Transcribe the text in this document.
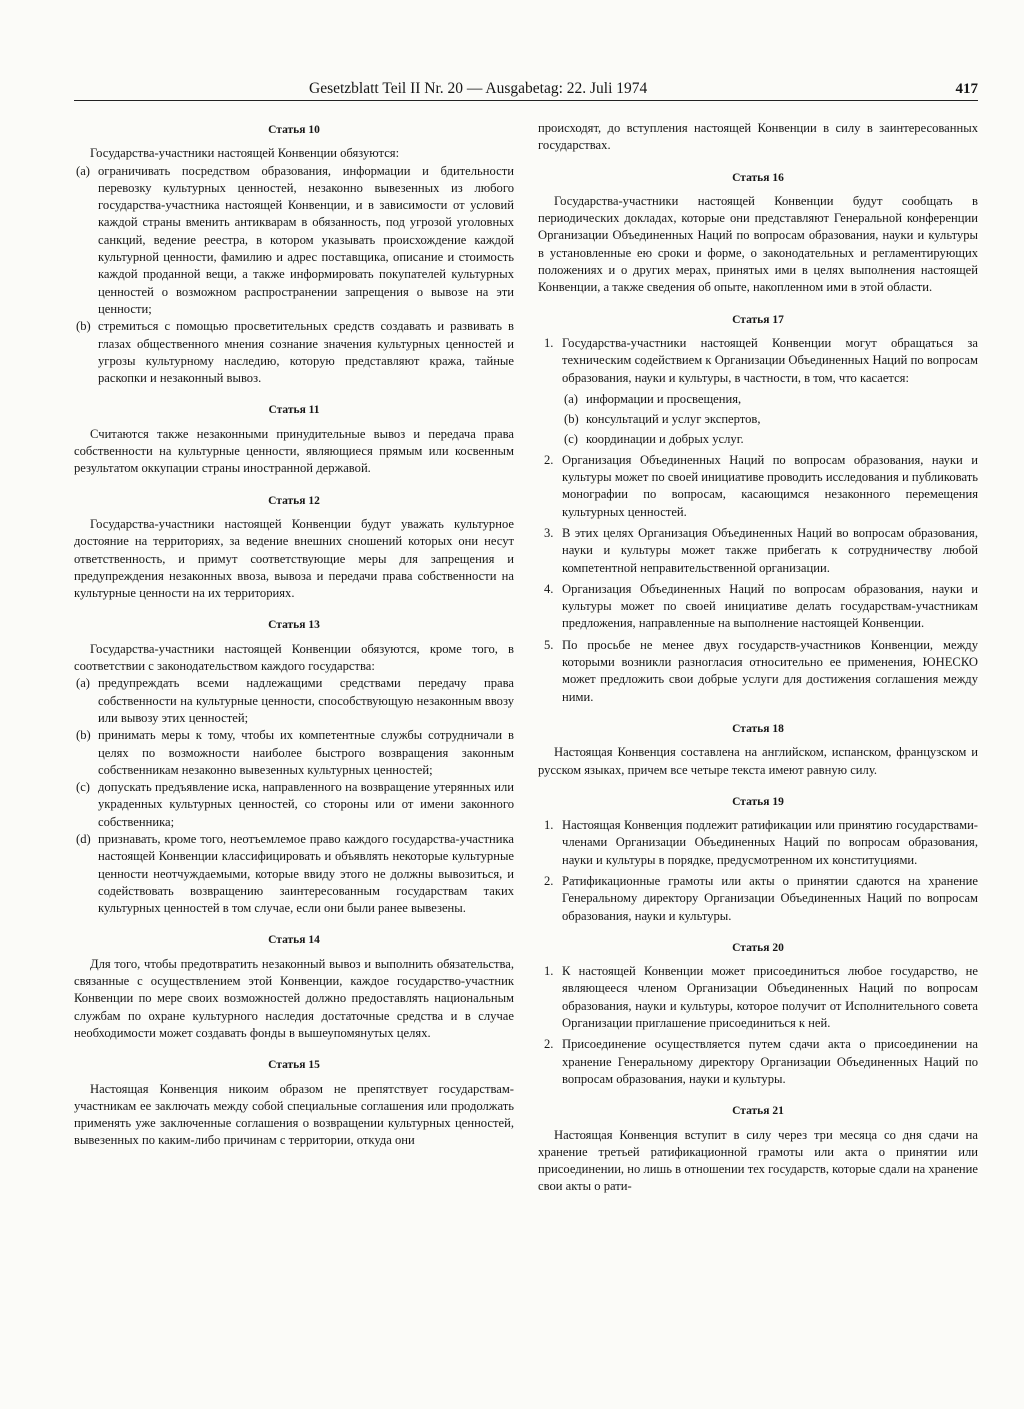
Gesetzblatt Teil II Nr. 20 — Ausgabetag: 22. Juli 1974	417
Статья 10

Государства-участники настоящей Конвенции обязуются:

(a) ограничивать посредством образования, информации и бдительности перевозку культурных ценностей, незаконно вывезенных из любого государства-участника настоящей Конвенции, и в зависимости от условий каждой страны вменить антикварам в обязанность, под угрозой уголовных санкций, ведение реестра, в котором указывать происхождение каждой культурной ценности, фамилию и адрес поставщика, описание и стоимость каждой проданной вещи, а также информировать покупателей культурных ценностей о возможном распространении запрещения о вывозе на эти ценности;
(b) стремиться с помощью просветительных средств создавать и развивать в глазах общественного мнения сознание значения культурных ценностей и угрозы культурному наследию, которую представляют кража, тайные раскопки и незаконный вывоз.
Статья 11

Считаются также незаконными принудительные вывоз и передача права собственности на культурные ценности, являющиеся прямым или косвенным результатом оккупации страны иностранной державой.

Статья 12

Государства-участники настоящей Конвенции будут уважать культурное достояние на территориях, за ведение внешних сношений которых они несут ответственность, и примут соответствующие меры для запрещения и предупреждения незаконных ввоза, вывоза и передачи права собственности на культурные ценности на их территориях.

Статья 13

Государства-участники настоящей Конвенции обязуются, кроме того, в соответствии с законодательством каждого государства:

(a) предупреждать всеми надлежащими средствами передачу права собственности на культурные ценности, способствующую незаконным ввозу или вывозу этих ценностей;
(b) принимать меры к тому, чтобы их компетентные службы сотрудничали в целях по возможности наиболее быстрого возвращения законным собственникам незаконно вывезенных культурных ценностей;
(c) допускать предъявление иска, направленного на возвращение утерянных или украденных культурных ценностей, со стороны или от имени законного собственника;
(d) признавать, кроме того, неотъемлемое право каждого государства-участника настоящей Конвенции классифицировать и объявлять некоторые культурные ценности неотчуждаемыми, которые ввиду этого не должны вывозиться, и содействовать возвращению заинтересованным государствам таких культурных ценностей в том случае, если они были ранее вывезены.
Статья 14

Для того, чтобы предотвратить незаконный вывоз и выполнить обязательства, связанные с осуществлением этой Конвенции, каждое государство-участник Конвенции по мере своих возможностей должно предоставлять национальным службам по охране культурного наследия достаточные средства и в случае необходимости может создавать фонды в вышеупомянутых целях.

Статья 15

Настоящая Конвенция никоим образом не препятствует государствам-участникам ее заключать между собой специальные соглашения или продолжать применять уже заключенные соглашения о возвращении культурных ценностей, вывезенных по каким-либо причинам с территории, откуда они

происходят, до вступления настоящей Конвенции в силу в заинтересованных государствах.

Статья 16

Государства-участники настоящей Конвенции будут сообщать в периодических докладах, которые они представляют Генеральной конференции Организации Объединенных Наций по вопросам образования, науки и культуры в установленные ею сроки и форме, о законодательных и регламентирующих положениях и о других мерах, принятых ими в целях выполнения настоящей Конвенции, а также сведения об опыте, накопленном ими в этой области.

Статья 17
1. Государства-участники настоящей Конвенции могут обращаться за техническим содействием к Организации Объединенных Наций по вопросам образования, науки и культуры, в частности, в том, что касается:
(a) информации и просвещения,
(b) консультаций и услуг экспертов,
(c) координации и добрых услуг.
2. Организация Объединенных Наций по вопросам образования, науки и культуры может по своей инициативе проводить исследования и публиковать монографии по вопросам, касающимся незаконного перемещения культурных ценностей.
3. В этих целях Организация Объединенных Наций во вопросам образования, науки и культуры может также прибегать к сотрудничеству любой компетентной неправительственной организации.
4. Организация Объединенных Наций по вопросам образования, науки и культуры может по своей инициативе делать государствам-участникам предложения, направленные на выполнение настоящей Конвенции.
5. По просьбе не менее двух государств-участников Конвенции, между которыми возникли разногласия относительно ее применения, ЮНЕСКО может предложить свои добрые услуги для достижения соглашения между ними.
Статья 18

Настоящая Конвенция составлена на английском, испанском, французском и русском языках, причем все четыре текста имеют равную силу.

Статья 19
1. Настоящая Конвенция подлежит ратификации или принятию государствами-членами Организации Объединенных Наций по вопросам образования, науки и культуры в порядке, предусмотренном их конституциями.
2. Ратификационные грамоты или акты о принятии сдаются на хранение Генеральному директору Организации Объединенных Наций по вопросам образования, науки и культуры.
Статья 20
1. К настоящей Конвенции может присоединиться любое государство, не являющееся членом Организации Объединенных Наций по вопросам образования, науки и культуры, которое получит от Исполнительного совета Организации приглашение присоединиться к ней.
2. Присоединение осуществляется путем сдачи акта о присоединении на хранение Генеральному директору Организации Объединенных Наций по вопросам образования, науки и культуры.
Статья 21

Настоящая Конвенция вступит в силу через три месяца со дня сдачи на хранение третьей ратификационной грамоты или акта о принятии или присоединении, но лишь в отношении тех государств, которые сдали на хранение свои акты о рати-
